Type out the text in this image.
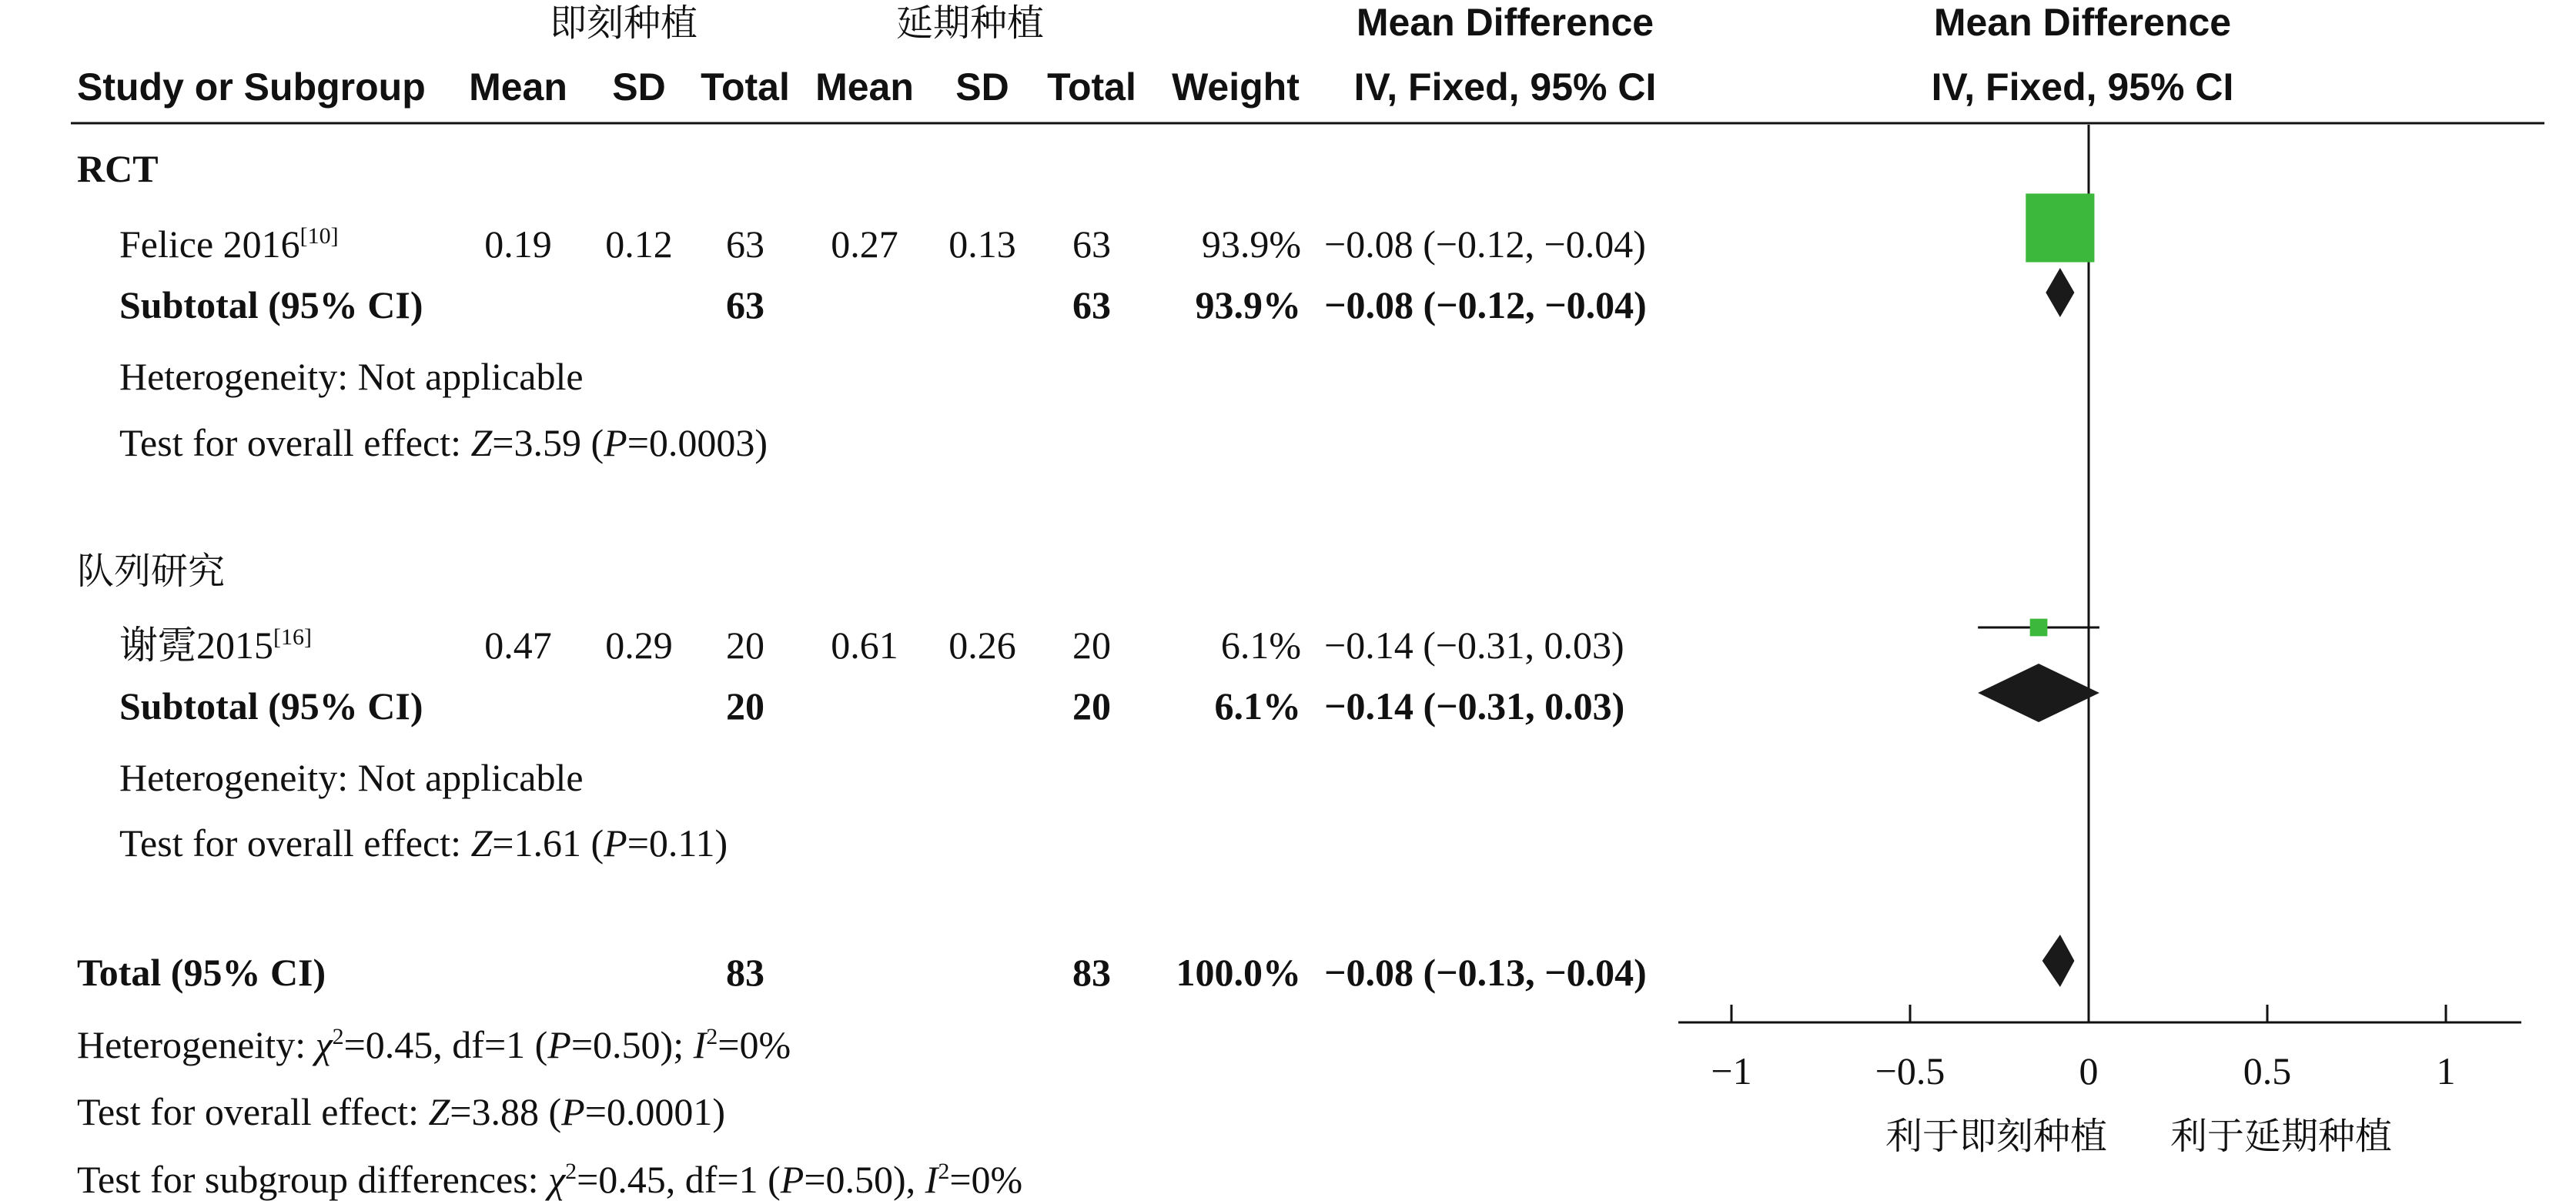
即刻种植	延期种植	Mean Difference	Mean Difference
Study or Subgroup Mean SD Total Mean SD Total Weight IV, Fixed, 95% CI	IV, Fixed, 95% CI
RCT
Felice 2016[10]	0.19 0.12 63 0.27 0.13 63 93.9% −0.08 (−0.12, −0.04)
Subtotal (95% CI)	63	63 93.9% −0.08 (−0.12, −0.04)
Heterogeneity: Not applicable
Test for overall effect: Z=3.59 (P=0.0003)
队列研究
谢霓2015[16]	0.47 0.29 20 0.61 0.26 20	6.1% −0.14 (−0.31, 0.03)
Subtotal (95% CI)	20	20	6.1% −0.14 (−0.31, 0.03)
Heterogeneity: Not applicable
Test for overall effect: Z=1.61 (P=0.11)
Total (95% CI)	83	83 100.0% −0.08 (−0.13, −0.04)
Heterogeneity: $\chi^2=0.45$, df=1 (P=0.50); $I^2=0\%$
Test for overall effect: Z=3.88 (P=0.0001)
Test for subgroup differences: $\chi^2=0.45$, df=1 (P=0.50), $I^2=0\%$
−1	−0.5	0	0.5	1
利于即刻种植 利于延期种植
